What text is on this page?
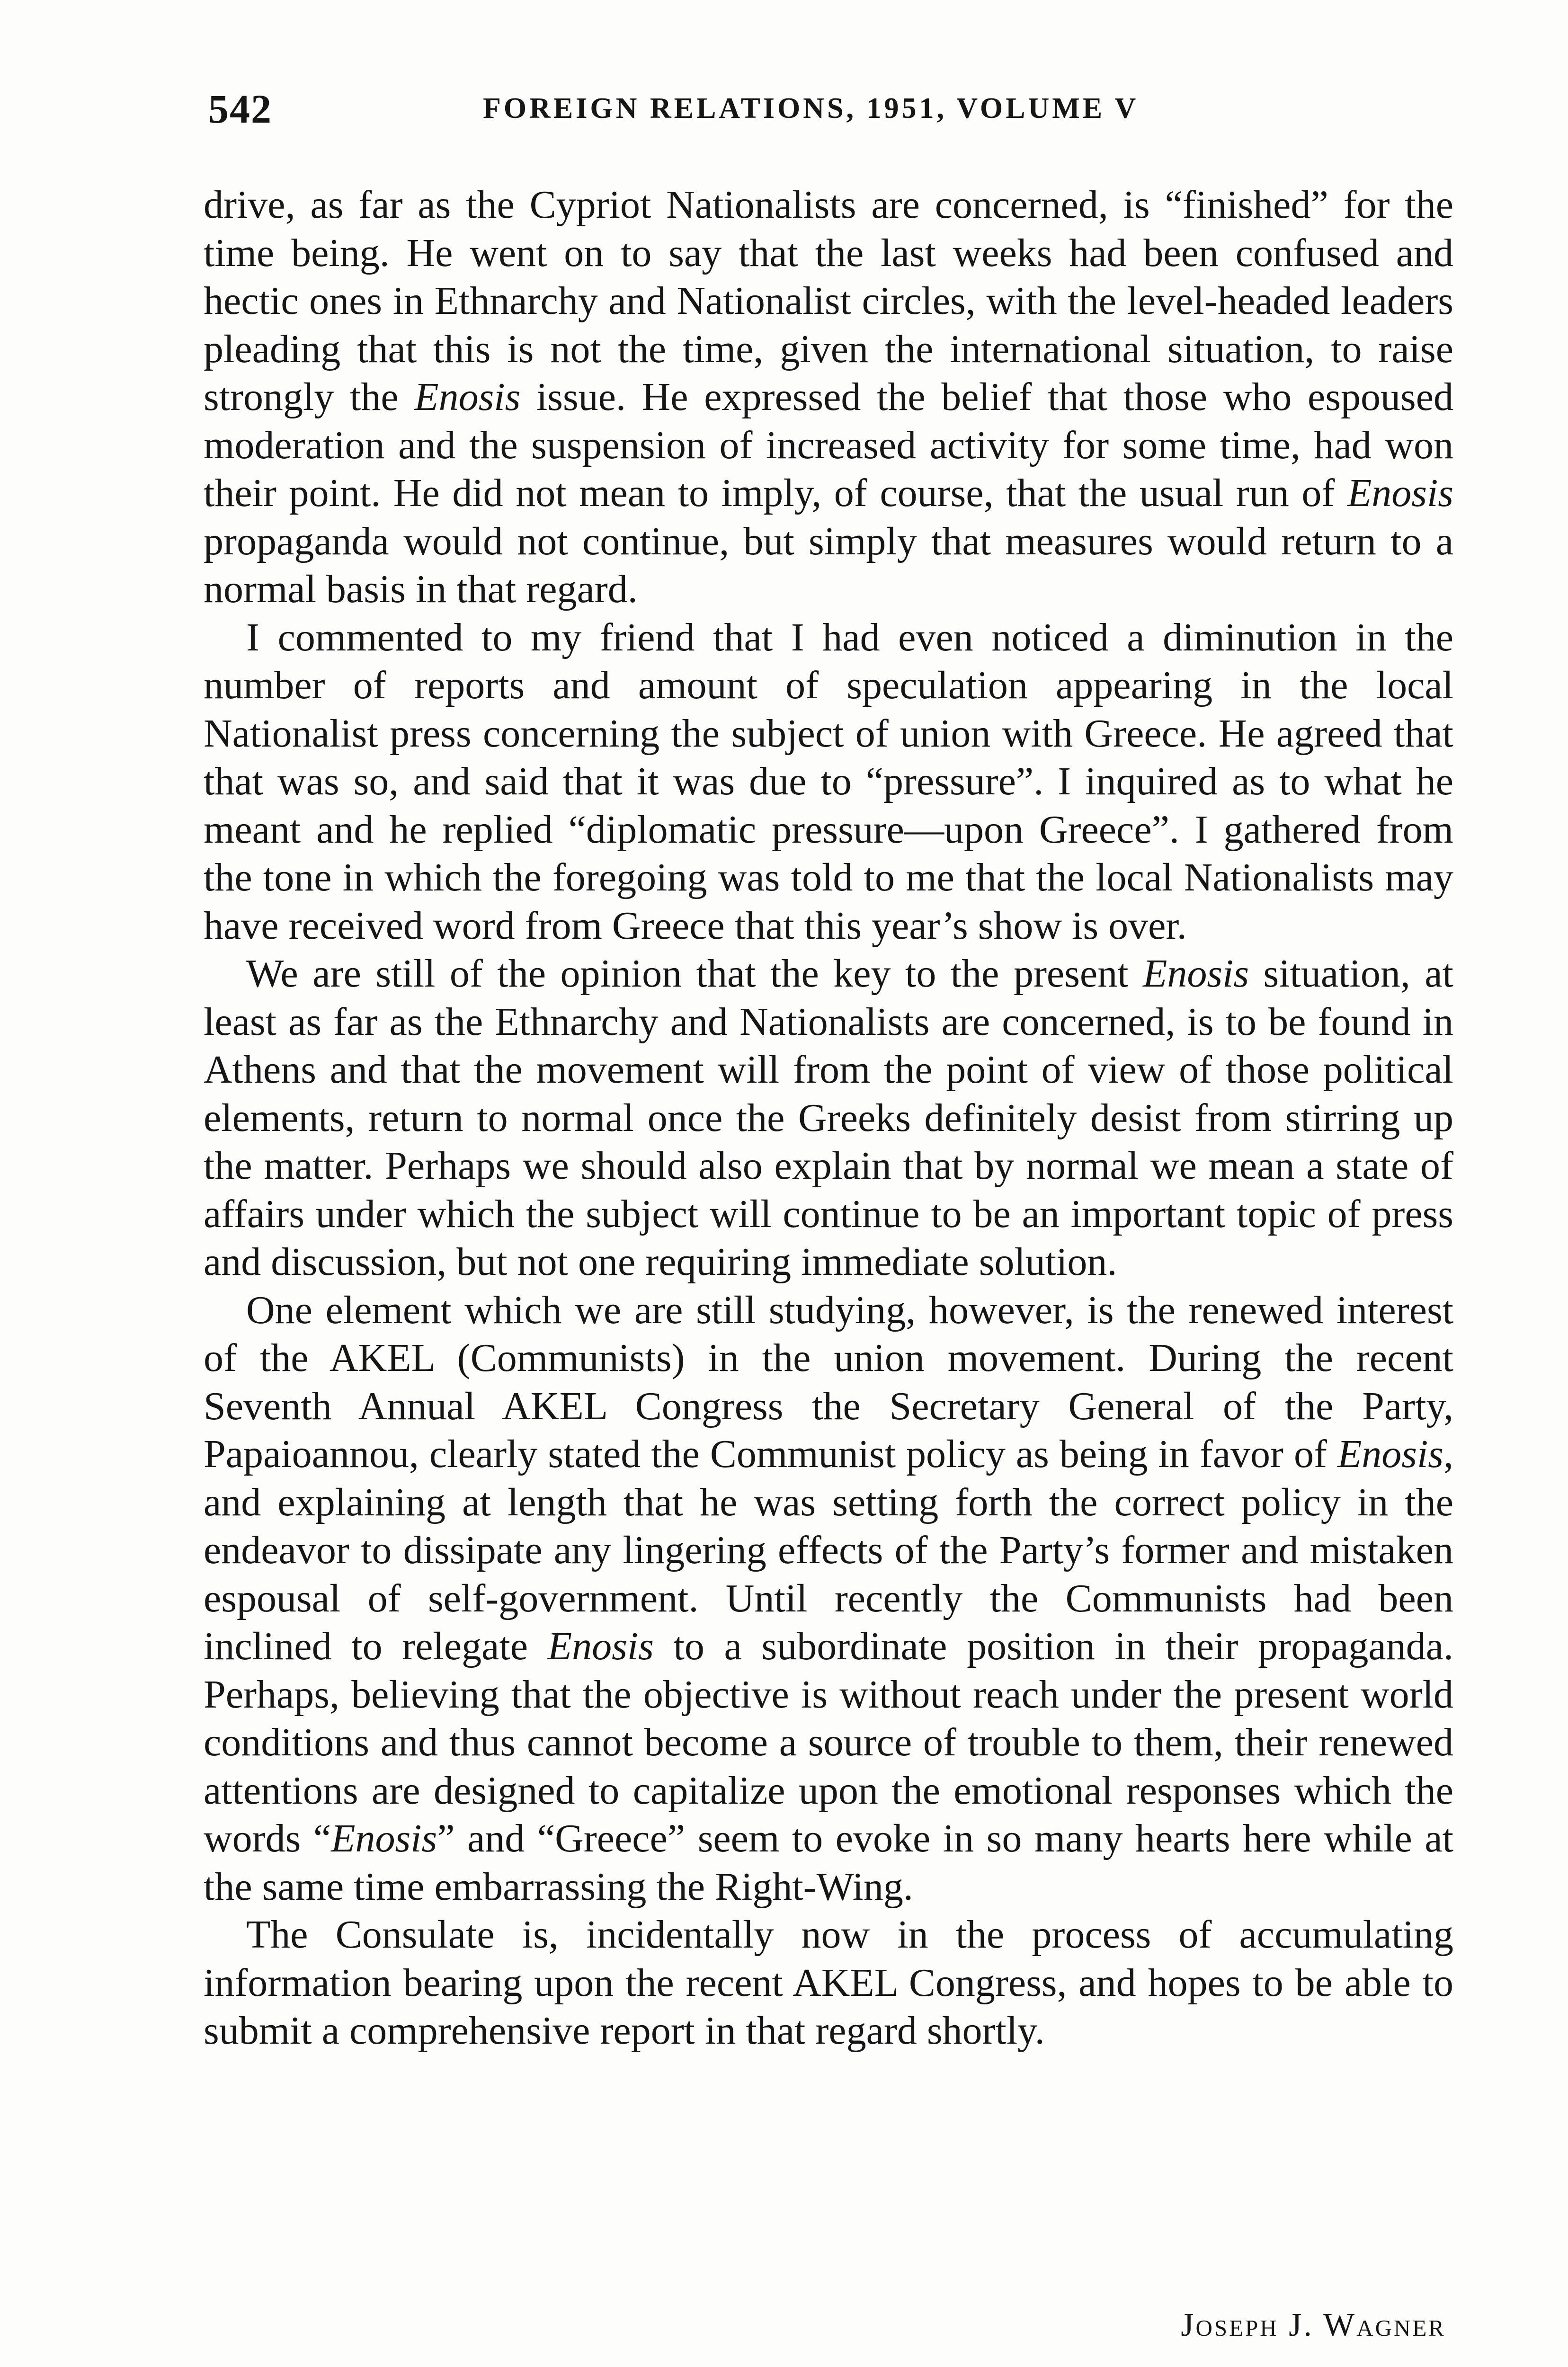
542	FOREIGN RELATIONS, 1951, VOLUME V

drive, as far as the Cypriot Nationalists are concerned, is “finished” for the time being. He went on to say that the last weeks had been confused and hectic ones in Ethnarchy and Nationalist circles, with the level-headed leaders pleading that this is not the time, given the international situation, to raise strongly the Enosis issue. He expressed the belief that those who espoused moderation and the suspension of increased activity for some time, had won their point. He did not mean to imply, of course, that the usual run of Enosis propaganda would not continue, but simply that measures would return to a normal basis in that regard.

I commented to my friend that I had even noticed a diminution in the number of reports and amount of speculation appearing in the local Nationalist press concerning the subject of union with Greece. He agreed that that was so, and said that it was due to “pressure”. I inquired as to what he meant and he replied “diplomatic pressure—upon Greece”. I gathered from the tone in which the foregoing was told to me that the local Nationalists may have received word from Greece that this year’s show is over.

We are still of the opinion that the key to the present Enosis situation, at least as far as the Ethnarchy and Nationalists are concerned, is to be found in Athens and that the movement will from the point of view of those political elements, return to normal once the Greeks definitely desist from stirring up the matter. Perhaps we should also explain that by normal we mean a state of affairs under which the subject will continue to be an important topic of press and discussion, but not one requiring immediate solution.

One element which we are still studying, however, is the renewed interest of the AKEL (Communists) in the union movement. During the recent Seventh Annual AKEL Congress the Secretary General of the Party, Papaioannou, clearly stated the Communist policy as being in favor of Enosis, and explaining at length that he was setting forth the correct policy in the endeavor to dissipate any lingering effects of the Party’s former and mistaken espousal of self-government. Until recently the Communists had been inclined to relegate Enosis to a subordinate position in their propaganda. Perhaps, believing that the objective is without reach under the present world conditions and thus cannot become a source of trouble to them, their renewed attentions are designed to capitalize upon the emotional responses which the words “Enosis” and “Greece” seem to evoke in so many hearts here while at the same time embarrassing the Right-Wing.

The Consulate is, incidentally now in the process of accumulating information bearing upon the recent AKEL Congress, and hopes to be able to submit a comprehensive report in that regard shortly.

Joseph J. Wagner
